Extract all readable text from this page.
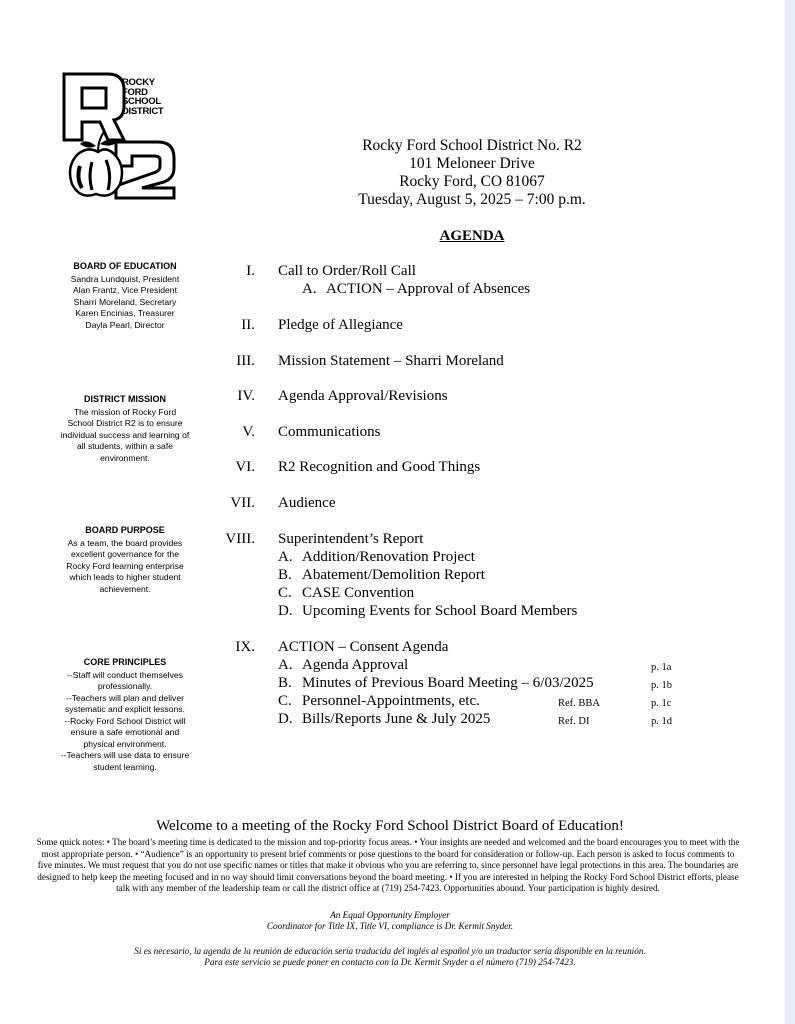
ROCKY
FORD
SCHOOL
DISTRICT
Rocky Ford School District No. R2
101 Meloneer Drive
Rocky Ford, CO 81067
Tuesday, August 5, 2025 – 7:00 p.m.
AGENDA
BOARD OF EDUCATION
Sandra Lundquist, President
Alan Frantz, Vice President
Sharri Moreland, Secretary
Karen Encinias, Treasurer
Dayla Pearl, Director
DISTRICT MISSION
The mission of Rocky Ford
School District R2 is to ensure
individual success and learning of
all students, within a safe
environment.
BOARD PURPOSE
As a team, the board provides
excellent governance for the
Rocky Ford learning enterprise
which leads to higher student
achievement.
CORE PRINCIPLES
--Staff will conduct themselves
professionally.
--Teachers will plan and deliver
systematic and explicit lessons.
--Rocky Ford School District will
ensure a safe emotional and
physical environment.
--Teachers will use data to ensure
student learning.
I. Call to Order/Roll Call
A. ACTION – Approval of Absences
II. Pledge of Allegiance
III. Mission Statement – Sharri Moreland
IV. Agenda Approval/Revisions
V. Communications
VI. R2 Recognition and Good Things
VII. Audience
VIII. Superintendent’s Report
A. Addition/Renovation Project
B. Abatement/Demolition Report
C. CASE Convention
D. Upcoming Events for School Board Members
IX. ACTION – Consent Agenda
A. Agenda Approval	p. 1a
B. Minutes of Previous Board Meeting – 6/03/2025	p. 1b
C. Personnel-Appointments, etc.	Ref. BBA	p. 1c
D. Bills/Reports June & July 2025	Ref. DI	p. 1d
Welcome to a meeting of the Rocky Ford School District Board of Education!
Some quick notes: • The board’s meeting time is dedicated to the mission and top-priority focus areas. • Your insights are needed and welcomed and the board encourages you to meet with the most appropriate person. • “Audience” is an opportunity to present brief comments or pose questions to the board for consideration or follow-up. Each person is asked to focus comments to five minutes. We must request that you do not use specific names or titles that make it obvious who you are referring to, since personnel have legal protections in this area. The boundaries are designed to help keep the meeting focused and in no way should limit conversations beyond the board meeting. • If you are interested in helping the Rocky Ford School District efforts, please talk with any member of the leadership team or call the district office at (719) 254-7423. Opportunities abound. Your participation is highly desired.
An Equal Opportunity Employer
Coordinator for Title IX, Title VI, compliance is Dr. Kermit Snyder.
Si es necesario, la agenda de la reunión de educación sería traducida del inglés al español y/o un traductor sería disponible en la reunión.
Para este servicio se puede poner en contacto con la Dr. Kermit Snyder a el número (719) 254-7423.
